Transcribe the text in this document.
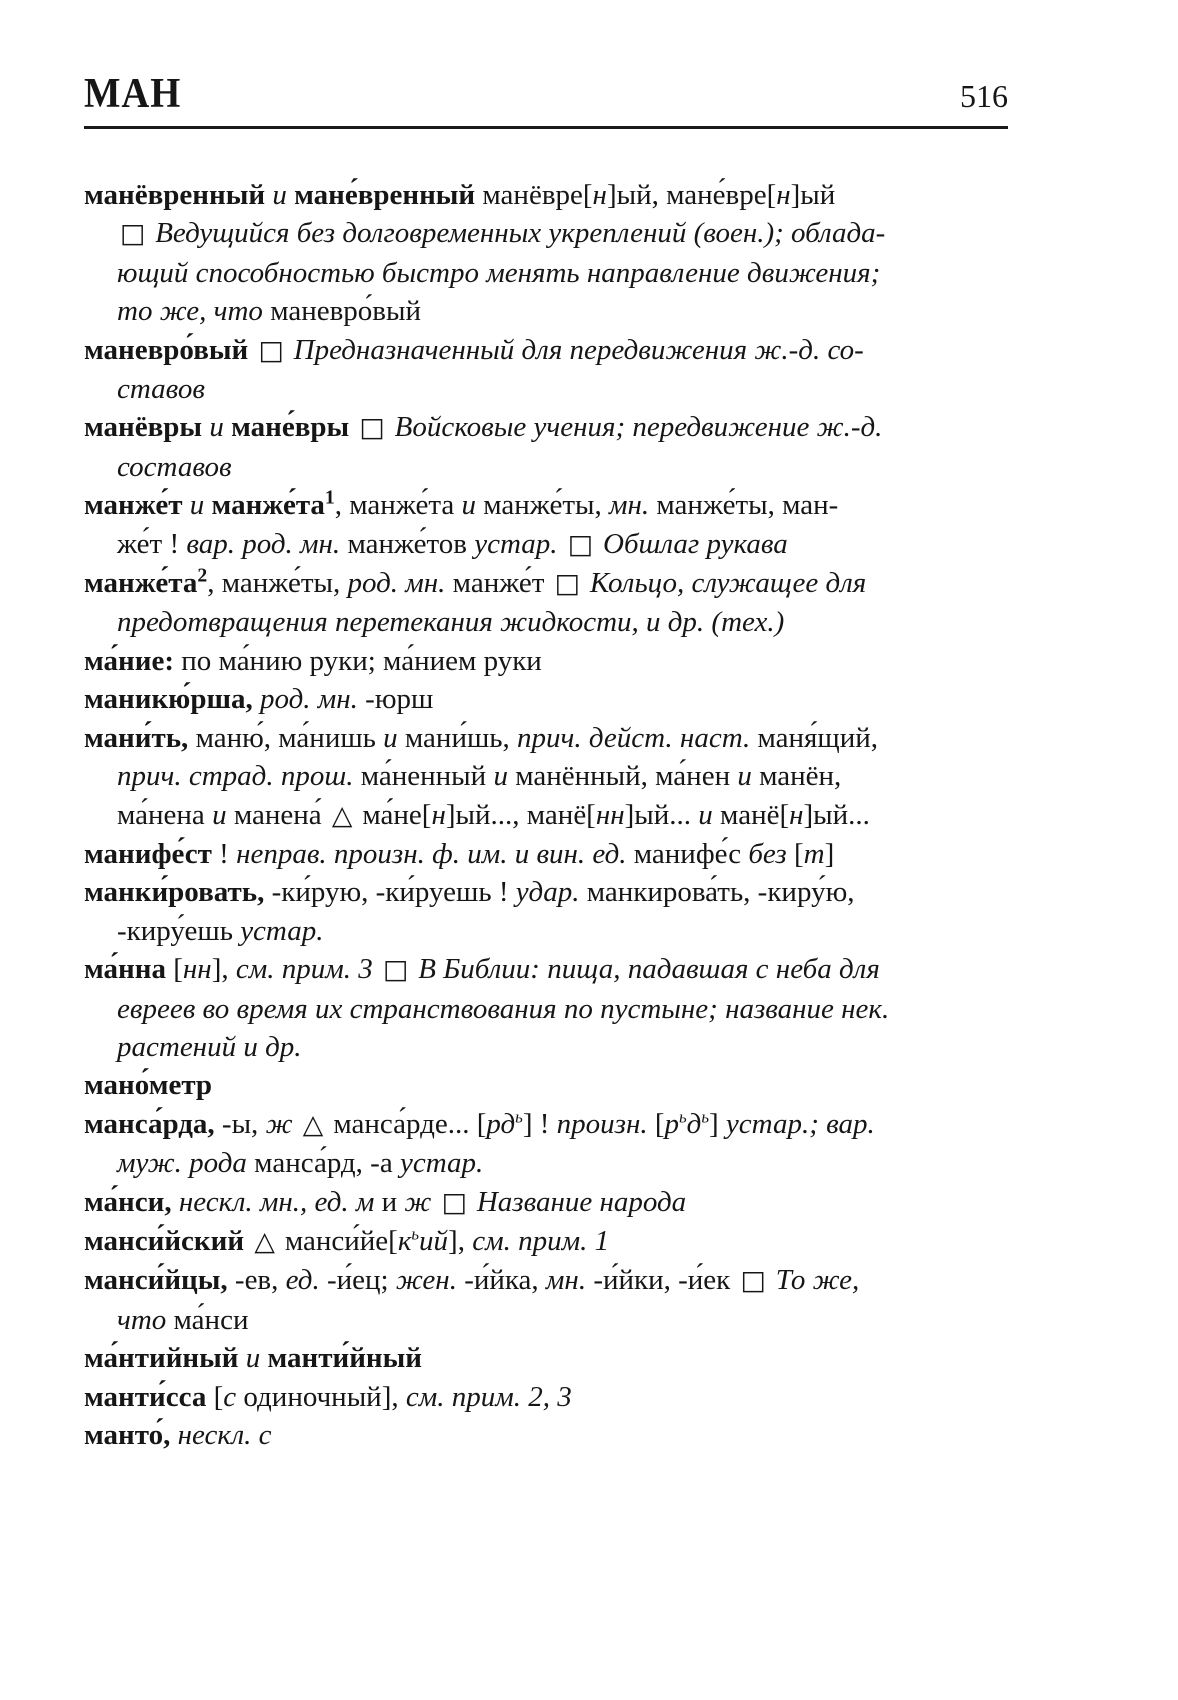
МАН	516
манёвренный и мане́вренный манёвре[н]ый, мане́вре[н]ый
□ Ведущийся без долговременных укреплений (воен.); облада-
ющий способностью быстро менять направление движения;
то же, что маневро́вый
маневро́вый □ Предназначенный для передвижения ж.-д. со-
ставов
манёвры и мане́вры □ Войсковые учения; передвижение ж.-д.
составов
манже́т и $манже́та^1$, манже́та и манже́ты, мн. манже́ты, ман-
же́т ! вар. род. мн. манже́тов устар. □ Обшлаг рукава
$манже́та^2$, манже́ты, род. мн. манже́т □ Кольцо, служащее для
предотвращения перетекания жидкости, и др. (тех.)
ма́ние: по ма́нию руки; ма́нием руки
маникю́рша, род. мн. -юрш
мани́ть, маню́, ма́нишь и мани́шь, прич. дейст. наст. маня́щий,
прич. страд. прош. ма́ненный и манённый, ма́нен и манён,
ма́нена и манена́ △ ма́не[н]ый..., манё[нн]ый... и манё[н]ый...
манифе́ст ! неправ. произн. ф. им. и вин. ед. манифе́с без [т]
манки́ровать, -ки́рую, -ки́руешь ! удар. манкирова́ть, -киру́ю,
-киру́ешь устар.
ма́нна [нн], см. прим. 3 □ В Библии: пища, падавшая с неба для
евреев во время их странствования по пустыне; название нек.
растений и др.
мано́метр
манса́рда, -ы, ж △ манса́рде... $[рд^ь]$ ! произн. $[р^ьд^ь]$ устар.; вар.
муж. рода манса́рд, -а устар.
ма́нси, нескл. мн., ед. м и ж □ Название народа
манси́йский △ $манси́йе[к^ьий]$, см. прим. 1
манси́йцы, -ев, ед. -и́ец; жен. -и́йка, мн. -и́йки, -и́ек □ То же,
что ма́нси
ма́нтийный и манти́йный
манти́сса [с одиночный], см. прим. 2, 3
манто́, нескл. с
